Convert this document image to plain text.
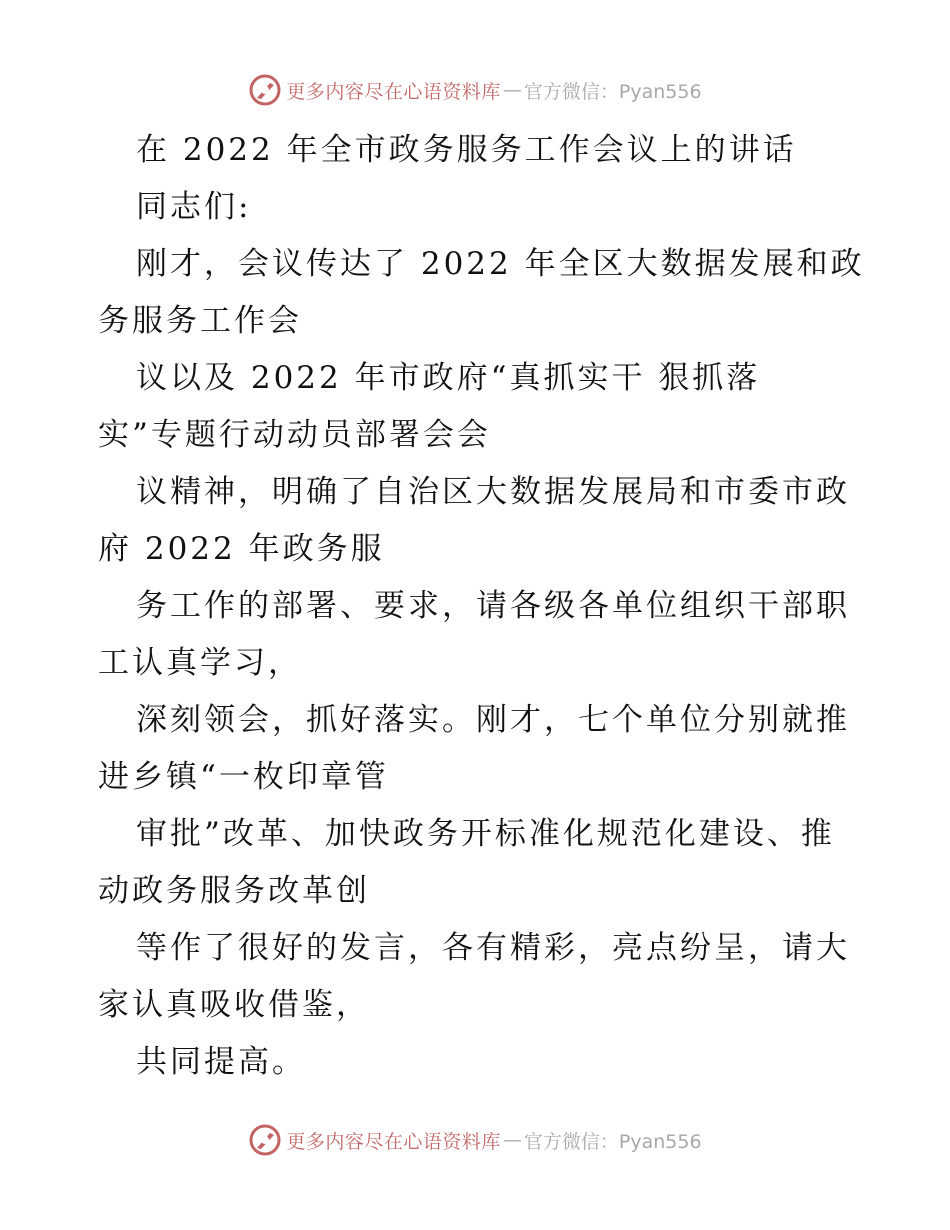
更多内容尽在心语资料库 — 官方微信：Pyan556
在 2022 年全市政务服务工作会议上的讲话
同志们:
刚才，会议传达了 2022 年全区大数据发展和政
务服务工作会
议以及 2022 年市政府“真抓实干 狠抓落
实”专题行动动员部署会会
议精神，明确了自治区大数据发展局和市委市政
府 2022 年政务服
务工作的部署、要求，请各级各单位组织干部职
工认真学习，
深刻领会，抓好落实。刚才，七个单位分别就推
进乡镇“一枚印章管
审批”改革、加快政务开标准化规范化建设、推
动政务服务改革创
等作了很好的发言，各有精彩，亮点纷呈，请大
家认真吸收借鉴，
共同提高。
更多内容尽在心语资料库 — 官方微信：Pyan556
